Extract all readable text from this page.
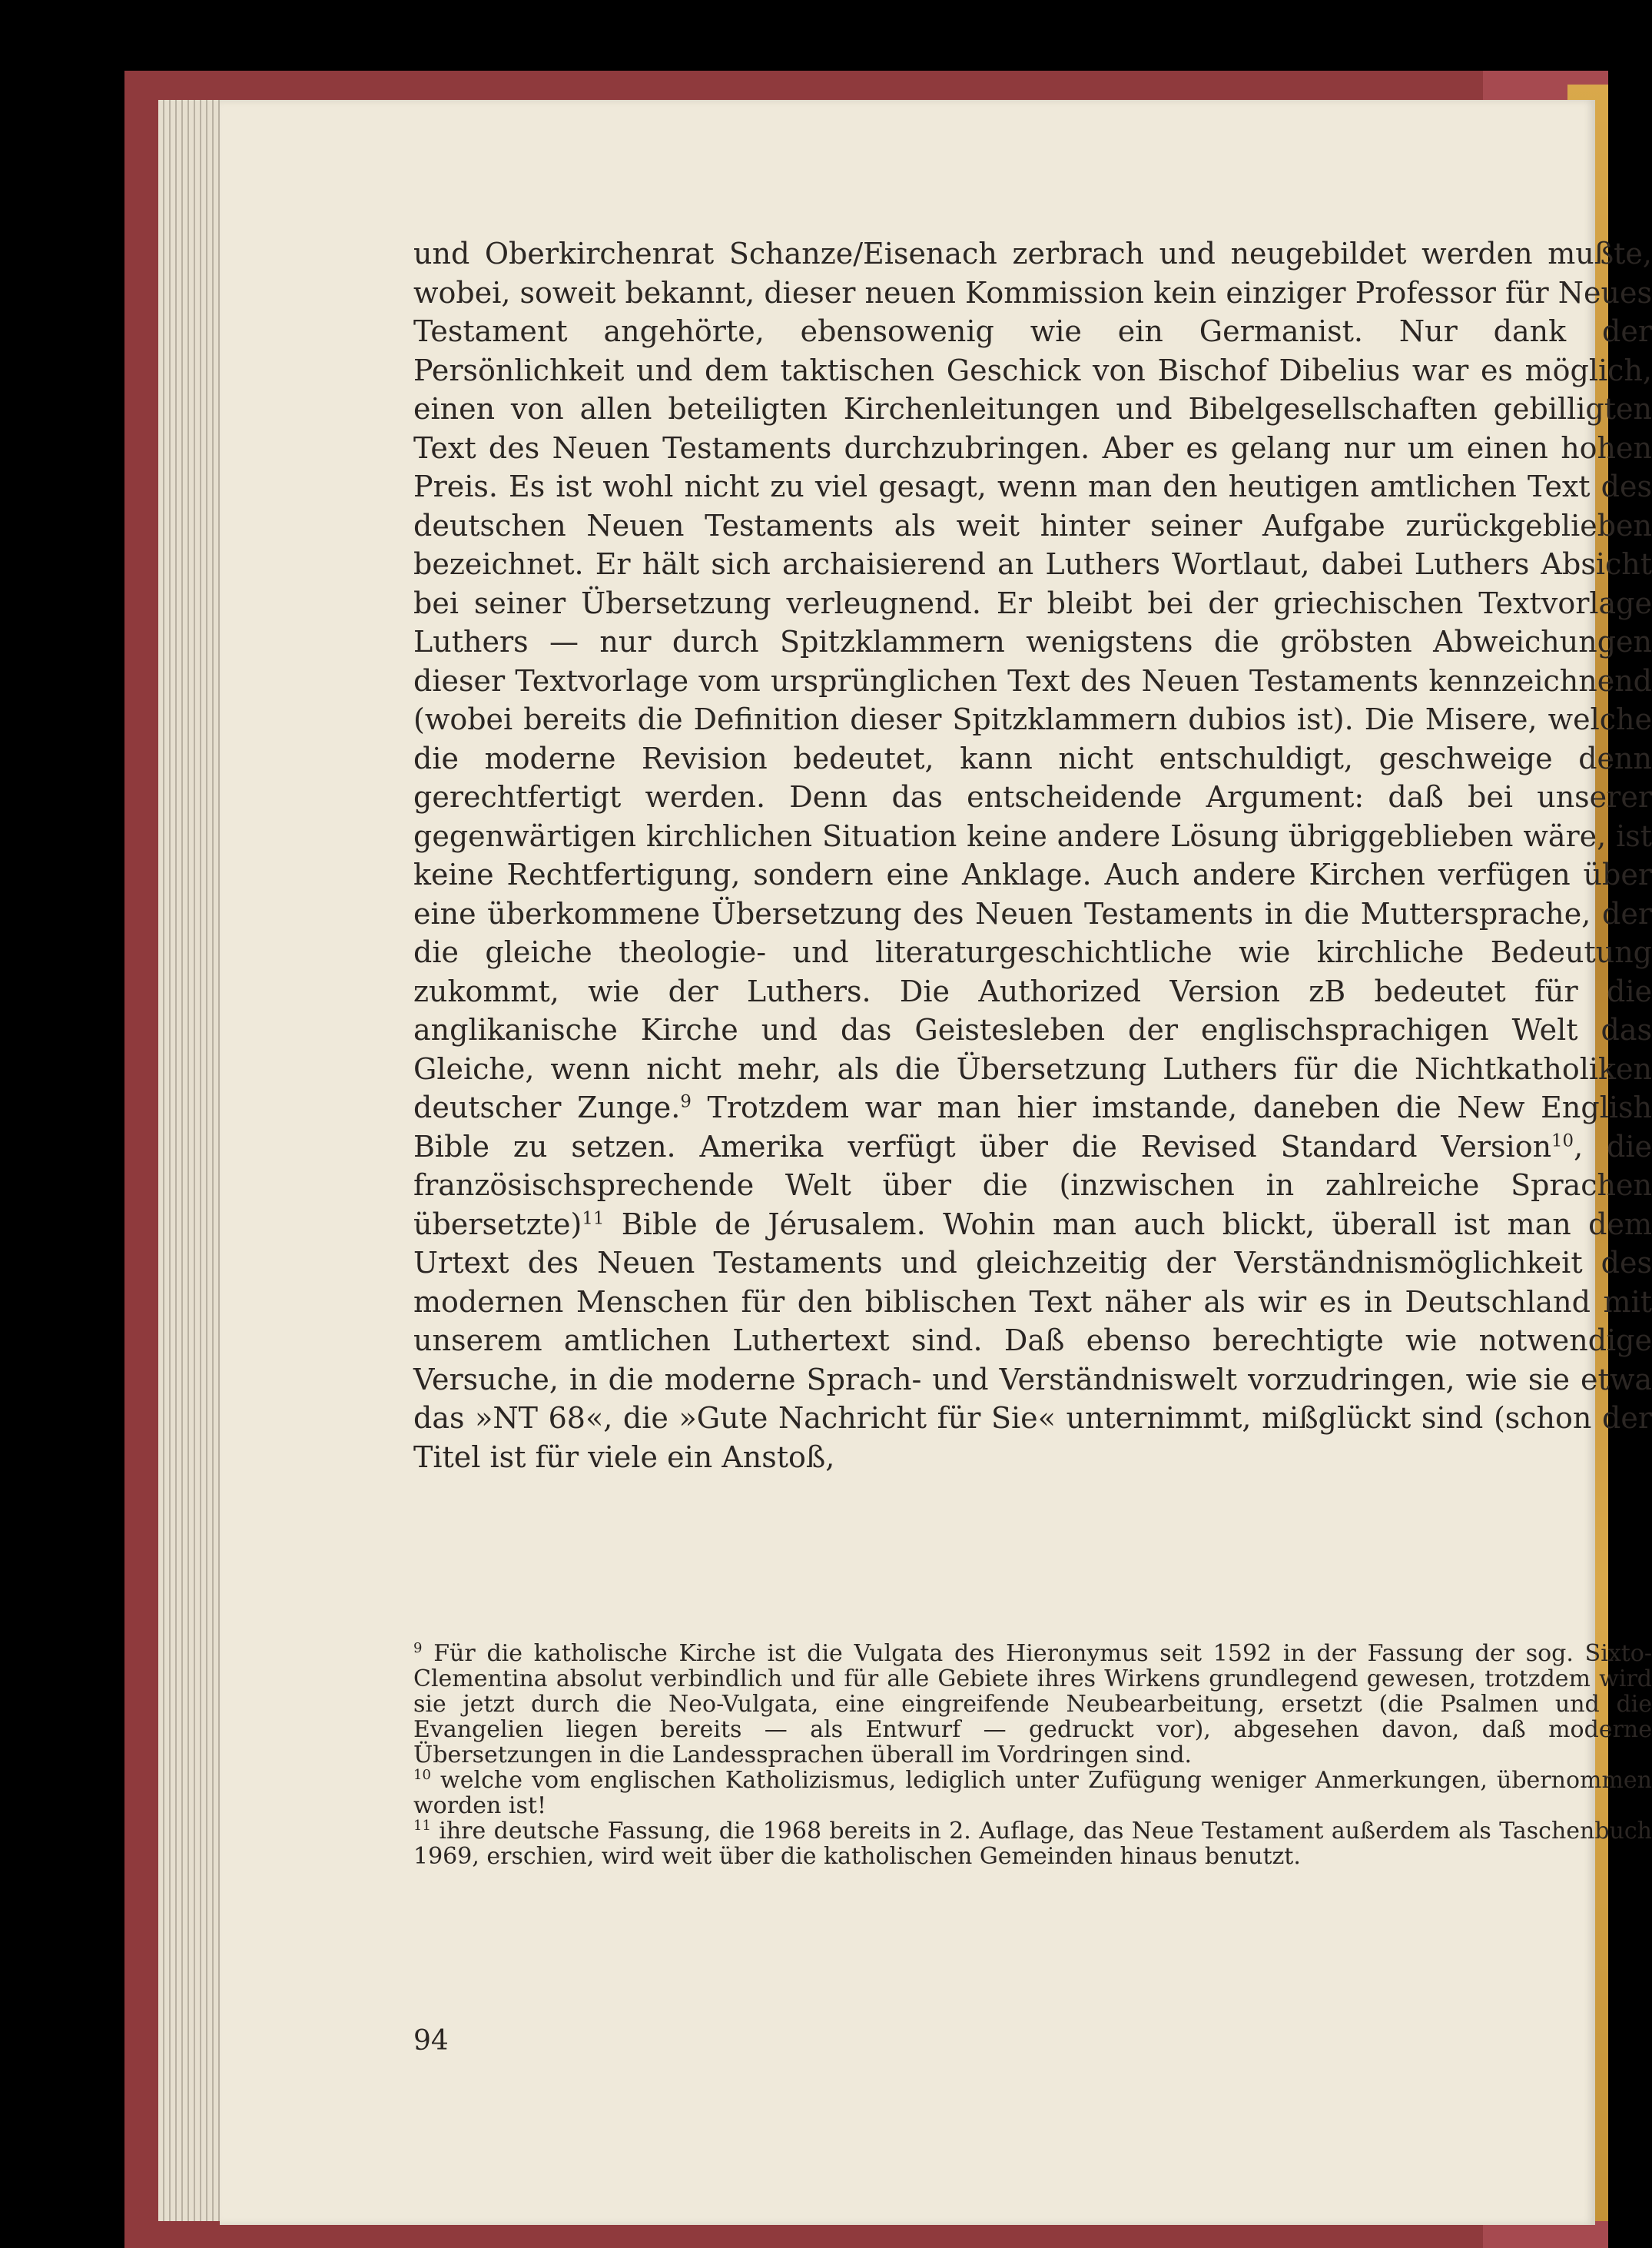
und Oberkirchenrat Schanze/Eisenach zerbrach und neugebildet werden mußte, wobei, soweit bekannt, dieser neuen Kommission kein einziger Professor für Neues Testament angehörte, ebensowenig wie ein Germanist. Nur dank der Persönlichkeit und dem taktischen Geschick von Bischof Dibelius war es möglich, einen von allen beteiligten Kirchenleitungen und Bibelgesellschaften gebilligten Text des Neuen Testaments durchzubringen. Aber es gelang nur um einen hohen Preis. Es ist wohl nicht zu viel gesagt, wenn man den heutigen amtlichen Text des deutschen Neuen Testaments als weit hinter seiner Aufgabe zurückgeblieben bezeichnet. Er hält sich archaisierend an Luthers Wortlaut, dabei Luthers Absicht bei seiner Übersetzung verleugnend. Er bleibt bei der griechischen Textvorlage Luthers — nur durch Spitzklammern wenigstens die gröbsten Abweichungen dieser Textvorlage vom ursprünglichen Text des Neuen Testaments kennzeichnend (wobei bereits die Definition dieser Spitzklammern dubios ist). Die Misere, welche die moderne Revision bedeutet, kann nicht entschuldigt, geschweige denn gerechtfertigt werden. Denn das entscheidende Argument: daß bei unserer gegenwärtigen kirchlichen Situation keine andere Lösung übriggeblieben wäre, ist keine Rechtfertigung, sondern eine Anklage. Auch andere Kirchen verfügen über eine überkommene Übersetzung des Neuen Testaments in die Muttersprache, der die gleiche theologie- und literaturgeschichtliche wie kirchliche Bedeutung zukommt, wie der Luthers. Die Authorized Version zB bedeutet für die anglikanische Kirche und das Geistesleben der englischsprachigen Welt das Gleiche, wenn nicht mehr, als die Übersetzung Luthers für die Nichtkatholiken deutscher Zunge.$^9$ Trotzdem war man hier imstande, daneben die New English Bible zu setzen. Amerika verfügt über die Revised Standard Version$^{10}$, die französischsprechende Welt über die (inzwischen in zahlreiche Sprachen übersetzte)$^{11}$ Bible de Jérusalem. Wohin man auch blickt, überall ist man dem Urtext des Neuen Testaments und gleichzeitig der Verständnismöglichkeit des modernen Menschen für den biblischen Text näher als wir es in Deutschland mit unserem amtlichen Luthertext sind. Daß ebenso berechtigte wie notwendige Versuche, in die moderne Sprach- und Verständniswelt vorzudringen, wie sie etwa das »NT 68«, die »Gute Nachricht für Sie« unternimmt, mißglückt sind (schon der Titel ist für viele ein Anstoß,

$^9$ Für die katholische Kirche ist die Vulgata des Hieronymus seit 1592 in der Fassung der sog. Sixto-Clementina absolut verbindlich und für alle Gebiete ihres Wirkens grundlegend gewesen, trotzdem wird sie jetzt durch die Neo-Vulgata, eine eingreifende Neubearbeitung, ersetzt (die Psalmen und die Evangelien liegen bereits — als Entwurf — gedruckt vor), abgesehen davon, daß moderne Übersetzungen in die Landessprachen überall im Vordringen sind.

$^{10}$ welche vom englischen Katholizismus, lediglich unter Zufügung weniger Anmerkungen, übernommen worden ist!

$^{11}$ ihre deutsche Fassung, die 1968 bereits in 2. Auflage, das Neue Testament außerdem als Taschenbuch 1969, erschien, wird weit über die katholischen Gemeinden hinaus benutzt.

94
